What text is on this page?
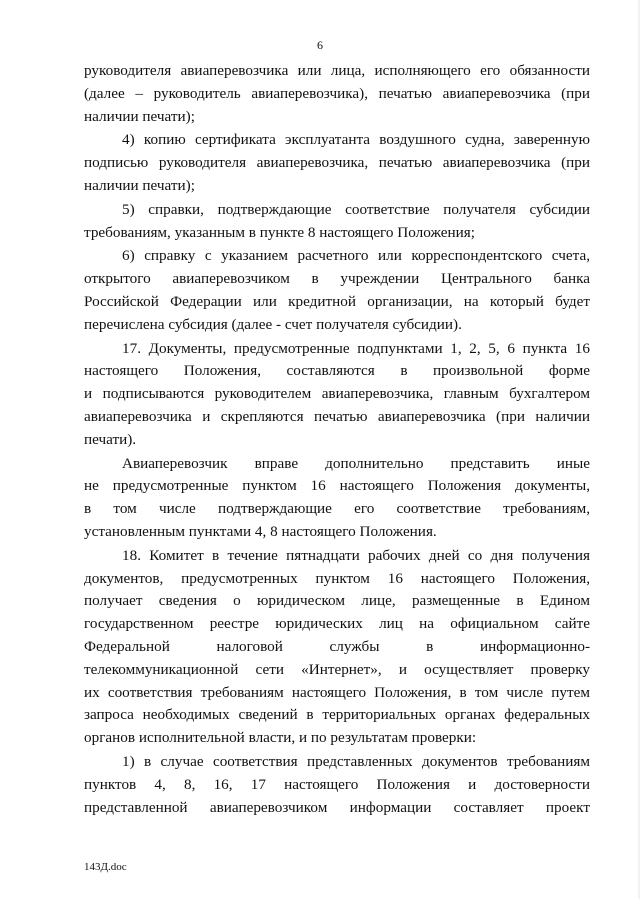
6

руководителя авиаперевозчика или лица, исполняющего его обязанности
(далее – руководитель авиаперевозчика), печатью авиаперевозчика (при
наличии печати);

4) копию сертификата эксплуатанта воздушного судна, заверенную
подписью руководителя авиаперевозчика, печатью авиаперевозчика (при
наличии печати);

5) справки, подтверждающие соответствие получателя субсидии
требованиям, указанным в пункте 8 настоящего Положения;

6) справку с указанием расчетного или корреспондентского счета,
открытого авиаперевозчиком в учреждении Центрального банка
Российской Федерации или кредитной организации, на который будет
перечислена субсидия (далее - счет получателя субсидии).

17. Документы, предусмотренные подпунктами 1, 2, 5, 6 пункта 16
настоящего Положения, составляются в произвольной форме
и подписываются руководителем авиаперевозчика, главным бухгалтером
авиаперевозчика и скрепляются печатью авиаперевозчика (при наличии
печати).

Авиаперевозчик вправе дополнительно представить иные
не предусмотренные пунктом 16 настоящего Положения документы,
в том числе подтверждающие его соответствие требованиям,
установленным пунктами 4, 8 настоящего Положения.

18. Комитет в течение пятнадцати рабочих дней со дня получения
документов, предусмотренных пунктом 16 настоящего Положения,
получает сведения о юридическом лице, размещенные в Едином
государственном реестре юридических лиц на официальном сайте
Федеральной налоговой службы в информационно-
телекоммуникационной сети «Интернет», и осуществляет проверку
их соответствия требованиям настоящего Положения, в том числе путем
запроса необходимых сведений в территориальных органах федеральных
органов исполнительной власти, и по результатам проверки:

1) в случае соответствия представленных документов требованиям
пунктов 4, 8, 16, 17 настоящего Положения и достоверности
представленной авиаперевозчиком информации составляет проект

143Д.doc
